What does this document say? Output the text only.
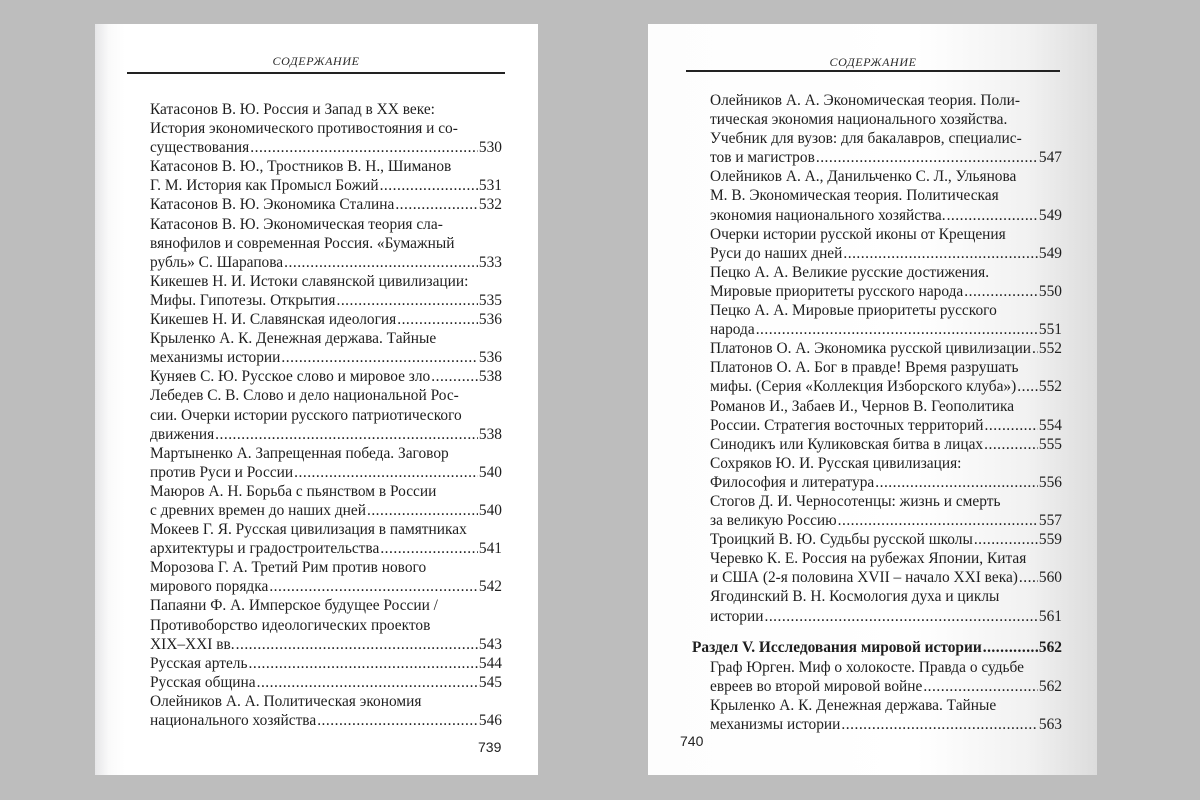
СОДЕРЖАНИЕ
Катасонов В. Ю. Россия и Запад в XX веке:
История экономического противостояния и со-
существования .....	530
Катасонов В. Ю., Тростников В. Н., Шиманов
Г. М. История как Промысл Божий .....	531
Катасонов В. Ю. Экономика Сталина .....	532
Катасонов В. Ю. Экономическая теория сла-
вянофилов и современная Россия. «Бумажный
рубль» С. Шарапова .....	533
Кикешев Н. И. Истоки славянской цивилизации:
Мифы. Гипотезы. Открытия .....	535
Кикешев Н. И. Славянская идеология .....	536
Крыленко А. К. Денежная держава. Тайные
механизмы истории .....	536
Куняев С. Ю. Русское слово и мировое зло .....	538
Лебедев С. В. Слово и дело национальной Рос-
сии. Очерки истории русского патриотического
движения .....	538
Мартыненко А. Запрещенная победа. Заговор
против Руси и России .....	540
Маюров А. Н. Борьба с пьянством в России
с древних времен до наших дней .....	540
Мокеев Г. Я. Русская цивилизация в памятниках
архитектуры и градостроительства .....	541
Морозова Г. А. Третий Рим против нового
мирового порядка .....	542
Папаяни Ф. А. Имперское будущее России /
Противоборство идеологических проектов
XIX–XXI вв. .....	543
Русская артель .....	544
Русская община .....	545
Олейников А. А. Политическая экономия
национального хозяйства .....	546
739
СОДЕРЖАНИЕ
Олейников А. А. Экономическая теория. Поли-
тическая экономия национального хозяйства.
Учебник для вузов: для бакалавров, специалис-
тов и магистров .....	547
Олейников А. А., Данильченко С. Л., Ульянова
М. В. Экономическая теория. Политическая
экономия национального хозяйства. .....	549
Очерки истории русской иконы от Крещения
Руси до наших дней .....	549
Пецко А. А. Великие русские достижения.
Мировые приоритеты русского народа .....	550
Пецко А. А. Мировые приоритеты русского
народа .....	551
Платонов О. А. Экономика русской цивилизации ..... 552
Платонов О. А. Бог в правде! Время разрушать
мифы. (Серия «Коллекция Изборского клуба») ..... 552
Романов И., Забаев И., Чернов В. Геополитика
России. Стратегия восточных территорий .....	554
Синодикъ или Куликовская битва в лицах .....	555
Сохряков Ю. И. Русская цивилизация:
Философия и литература .....	556
Стогов Д. И. Черносотенцы: жизнь и смерть
за великую Россию .....	557
Троицкий В. Ю. Судьбы русской школы .....	559
Черевко К. Е. Россия на рубежах Японии, Китая
и США (2-я половина XVII – начало XXI века) ..... 560
Ягодинский В. Н. Космология духа и циклы
истории .....	561
Раздел V. Исследования мировой истории .....	562
Граф Юрген. Миф о холокосте. Правда о судьбе
евреев во второй мировой войне .....	562
Крыленко А. К. Денежная держава. Тайные
механизмы истории .....	563
740
